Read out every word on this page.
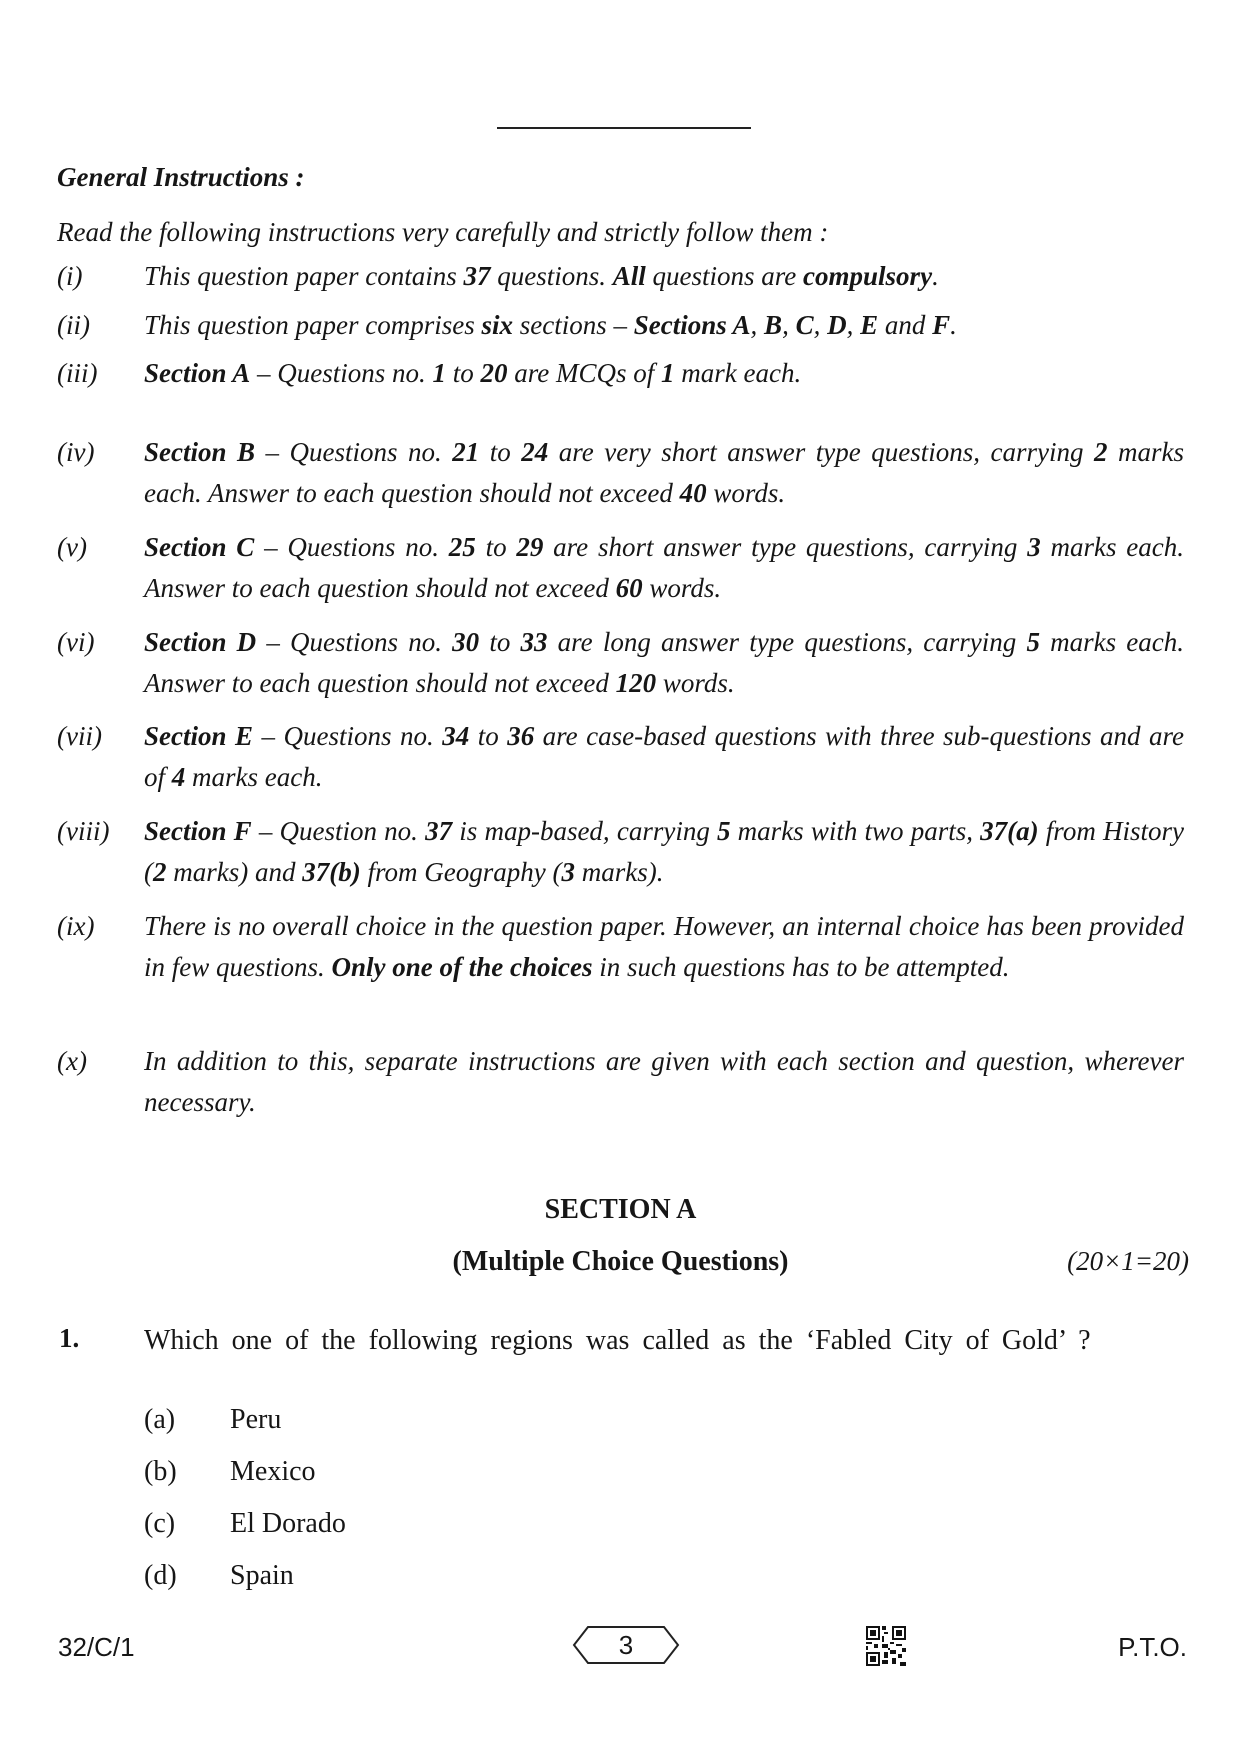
General Instructions :
Read the following instructions very carefully and strictly follow them :
(i) This question paper contains 37 questions. All questions are compulsory.
(ii) This question paper comprises six sections – Sections A, B, C, D, E and F.
(iii) Section A – Questions no. 1 to 20 are MCQs of 1 mark each.
(iv) Section B – Questions no. 21 to 24 are very short answer type questions, carrying 2 marks each. Answer to each question should not exceed 40 words.
(v) Section C – Questions no. 25 to 29 are short answer type questions, carrying 3 marks each. Answer to each question should not exceed 60 words.
(vi) Section D – Questions no. 30 to 33 are long answer type questions, carrying 5 marks each. Answer to each question should not exceed 120 words.
(vii) Section E – Questions no. 34 to 36 are case-based questions with three sub-questions and are of 4 marks each.
(viii) Section F – Question no. 37 is map-based, carrying 5 marks with two parts, 37(a) from History (2 marks) and 37(b) from Geography (3 marks).
(ix) There is no overall choice in the question paper. However, an internal choice has been provided in few questions. Only one of the choices in such questions has to be attempted.
(x) In addition to this, separate instructions are given with each section and question, wherever necessary.
SECTION A
(Multiple Choice Questions)	(20×1=20)
1. Which one of the following regions was called as the ‘Fabled City of Gold’ ?
(a) Peru
(b) Mexico
(c) El Dorado
(d) Spain
32/C/1	3	P.T.O.
